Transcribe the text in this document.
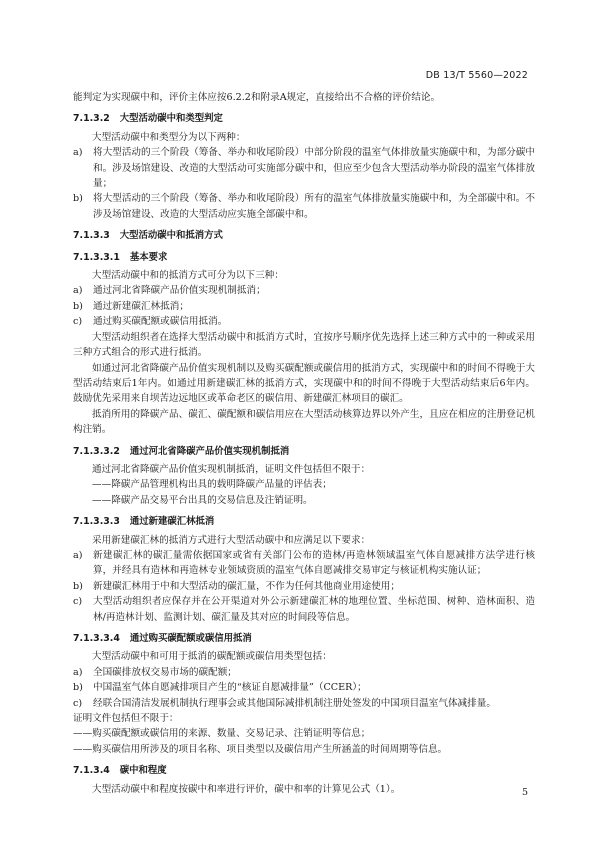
DB 13/T 5560—2022

能判定为实现碳中和，评价主体应按6.2.2和附录A规定，直接给出不合格的评价结论。

7.1.3.2 大型活动碳中和类型判定

大型活动碳中和类型分为以下两种：

a)	将大型活动的三个阶段（筹备、举办和收尾阶段）中部分阶段的温室气体排放量实施碳中和，为部分碳中和。涉及场馆建设、改造的大型活动可实施部分碳中和，但应至少包含大型活动举办阶段的温室气体排放量；
b)	将大型活动的三个阶段（筹备、举办和收尾阶段）所有的温室气体排放量实施碳中和，为全部碳中和。不涉及场馆建设、改造的大型活动应实施全部碳中和。
7.1.3.3 大型活动碳中和抵消方式
7.1.3.3.1 基本要求

大型活动碳中和的抵消方式可分为以下三种：

a)	通过河北省降碳产品价值实现机制抵消；
b)	通过新建碳汇林抵消；
c)	通过购买碳配额或碳信用抵消。

大型活动组织者在选择大型活动碳中和抵消方式时，宜按序号顺序优先选择上述三种方式中的一种或采用三种方式组合的形式进行抵消。

如通过河北省降碳产品价值实现机制以及购买碳配额或碳信用的抵消方式，实现碳中和的时间不得晚于大型活动结束后1年内。如通过用新建碳汇林的抵消方式，实现碳中和的时间不得晚于大型活动结束后6年内。鼓励优先采用来自坝苦边远地区或革命老区的碳信用、新建碳汇林项目的碳汇。

抵消所用的降碳产品、碳汇、碳配额和碳信用应在大型活动核算边界以外产生，且应在相应的注册登记机构注销。

7.1.3.3.2 通过河北省降碳产品价值实现机制抵消

通过河北省降碳产品价值实现机制抵消，证明文件包括但不限于：

——降碳产品管理机构出具的载明降碳产品量的评估表；

——降碳产品交易平台出具的交易信息及注销证明。

7.1.3.3.3 通过新建碳汇林抵消

采用新建碳汇林的抵消方式进行大型活动碳中和应满足以下要求：

a)	新建碳汇林的碳汇量需依据国家或省有关部门公布的造林/再造林领域温室气体自愿减排方法学进行核算，并经具有造林和再造林专业领域资质的温室气体自愿减排交易审定与核证机构实施认证；
b)	新建碳汇林用于中和大型活动的碳汇量，不作为任何其他商业用途使用；
c)	大型活动组织者应保存并在公开渠道对外公示新建碳汇林的地理位置、坐标范围、树种、造林面积、造林/再造林计划、监测计划、碳汇量及其对应的时间段等信息。
7.1.3.3.4 通过购买碳配额或碳信用抵消

大型活动碳中和可用于抵消的碳配额或碳信用类型包括：

a)	全国碳排放权交易市场的碳配额；
b)	中国温室气体自愿减排项目产生的“核证自愿减排量”（CCER）；
c)	经联合国清洁发展机制执行理事会或其他国际减排机制注册处签发的中国项目温室气体减排量。

证明文件包括但不限于：

——购买碳配额或碳信用的来源、数量、交易记录、注销证明等信息；

——购买碳信用所涉及的项目名称、项目类型以及碳信用产生所涵盖的时间周期等信息。

7.1.3.4 碳中和程度

大型活动碳中和程度按碳中和率进行评价，碳中和率的计算见公式（1）。	5
